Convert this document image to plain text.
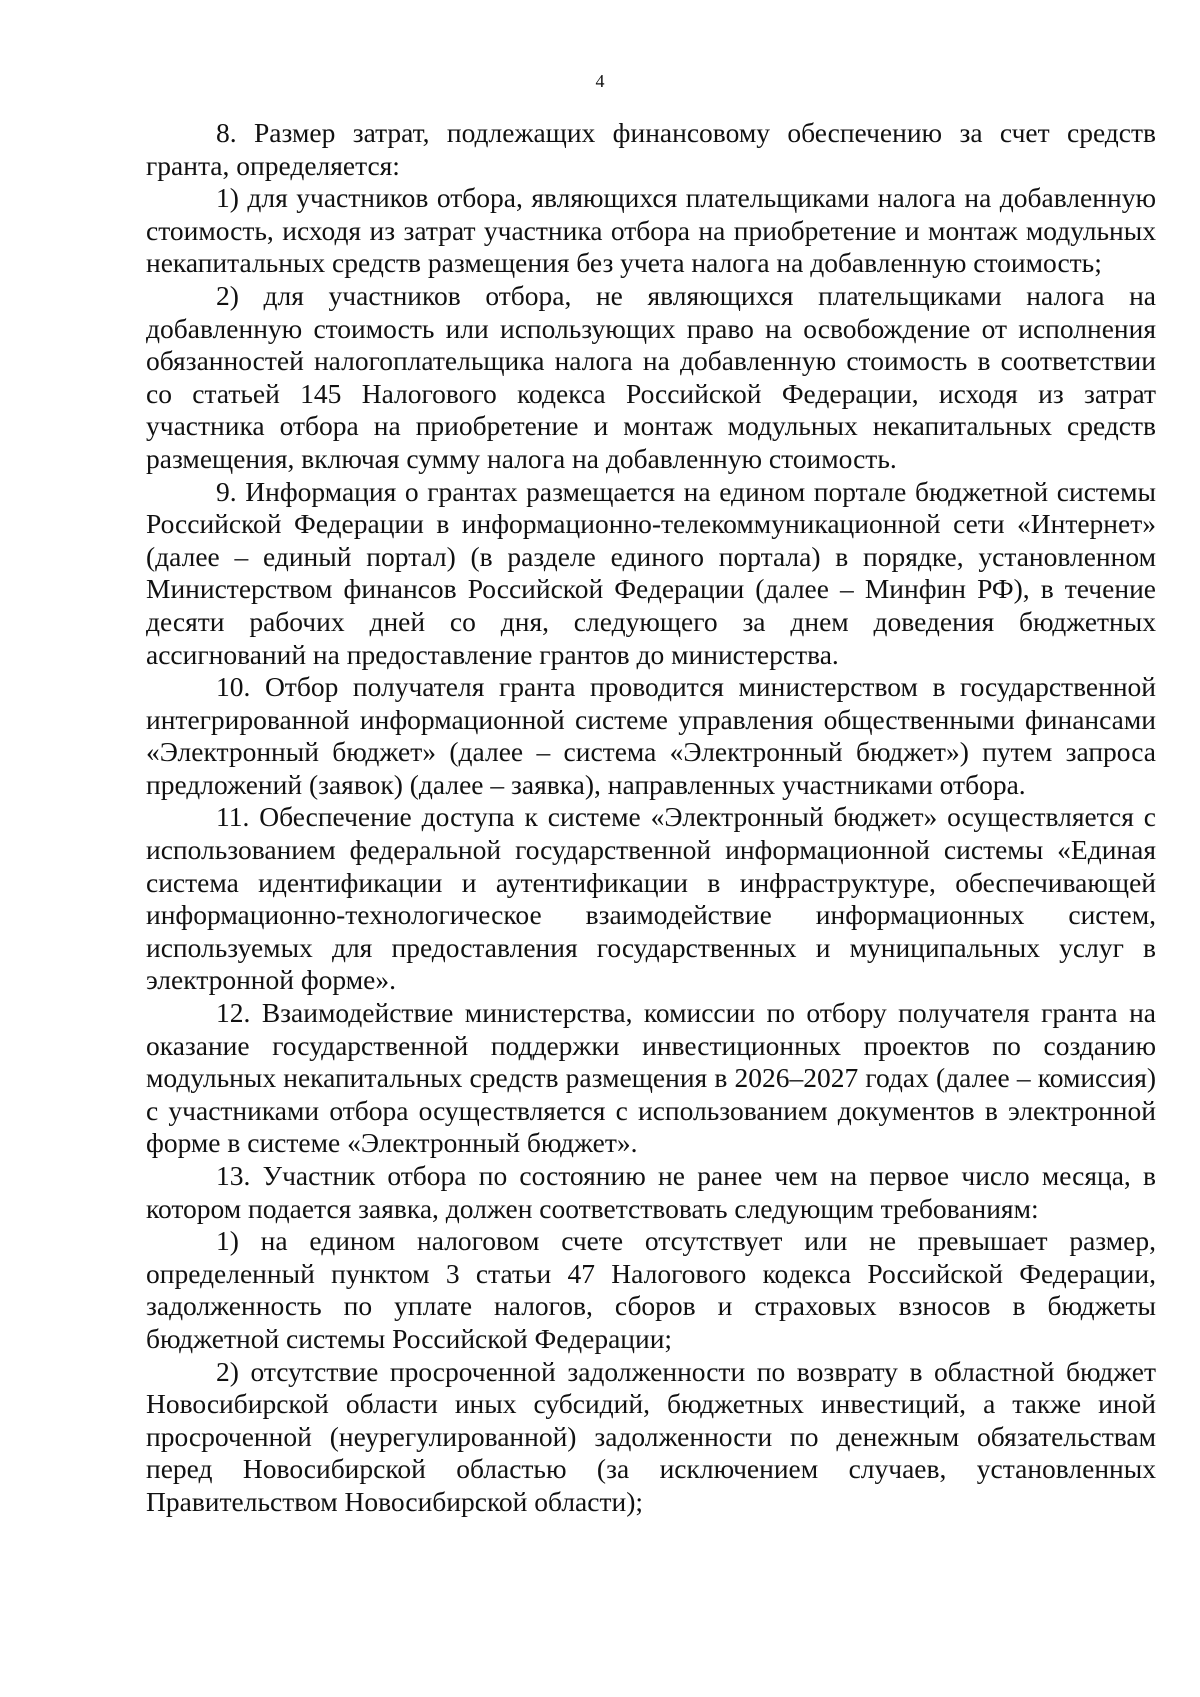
4

8. Размер затрат, подлежащих финансовому обеспечению за счет средств гранта, определяется:

1) для участников отбора, являющихся плательщиками налога на добавленную стоимость, исходя из затрат участника отбора на приобретение и монтаж модульных некапитальных средств размещения без учета налога на добавленную стоимость;

2) для участников отбора, не являющихся плательщиками налога на добавленную стоимость или использующих право на освобождение от исполнения обязанностей налогоплательщика налога на добавленную стоимость в соответствии со статьей 145 Налогового кодекса Российской Федерации, исходя из затрат участника отбора на приобретение и монтаж модульных некапитальных средств размещения, включая сумму налога на добавленную стоимость.

9. Информация о грантах размещается на едином портале бюджетной системы Российской Федерации в информационно-телекоммуникационной сети «Интернет» (далее – единый портал) (в разделе единого портала) в порядке, установленном Министерством финансов Российской Федерации (далее – Минфин РФ), в течение десяти рабочих дней со дня, следующего за днем доведения бюджетных ассигнований на предоставление грантов до министерства.

10. Отбор получателя гранта проводится министерством в государственной интегрированной информационной системе управления общественными финансами «Электронный бюджет» (далее – система «Электронный бюджет») путем запроса предложений (заявок) (далее – заявка), направленных участниками отбора.

11. Обеспечение доступа к системе «Электронный бюджет» осуществляется с использованием федеральной государственной информационной системы «Единая система идентификации и аутентификации в инфраструктуре, обеспечивающей информационно-технологическое взаимодействие информационных систем, используемых для предоставления государственных и муниципальных услуг в электронной форме».

12. Взаимодействие министерства, комиссии по отбору получателя гранта на оказание государственной поддержки инвестиционных проектов по созданию модульных некапитальных средств размещения в 2026–2027 годах (далее – комиссия) с участниками отбора осуществляется с использованием документов в электронной форме в системе «Электронный бюджет».

13. Участник отбора по состоянию не ранее чем на первое число месяца, в котором подается заявка, должен соответствовать следующим требованиям:

1) на едином налоговом счете отсутствует или не превышает размер, определенный пунктом 3 статьи 47 Налогового кодекса Российской Федерации, задолженность по уплате налогов, сборов и страховых взносов в бюджеты бюджетной системы Российской Федерации;

2) отсутствие просроченной задолженности по возврату в областной бюджет Новосибирской области иных субсидий, бюджетных инвестиций, а также иной просроченной (неурегулированной) задолженности по денежным обязательствам перед Новосибирской областью (за исключением случаев, установленных Правительством Новосибирской области);
